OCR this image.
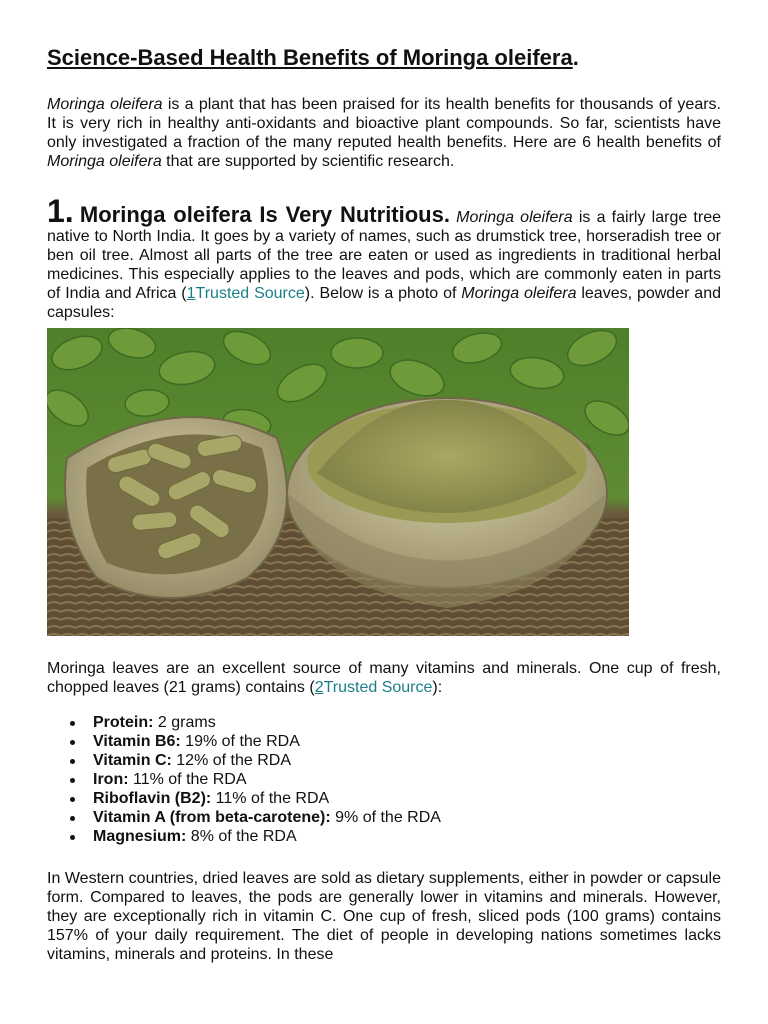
Science-Based Health Benefits of Moringa oleifera.

Moringa oleifera is a plant that has been praised for its health benefits for thousands of years. It is very rich in healthy anti-oxidants and bioactive plant compounds. So far, scientists have only investigated a fraction of the many reputed health benefits. Here are 6 health benefits of Moringa oleifera that are supported by scientific research.

1. Moringa oleifera Is Very Nutritious. Moringa oleifera is a fairly large tree native to North India. It goes by a variety of names, such as drumstick tree, horseradish tree or ben oil tree. Almost all parts of the tree are eaten or used as ingredients in traditional herbal medicines. This especially applies to the leaves and pods, which are commonly eaten in parts of India and Africa (1Trusted Source). Below is a photo of Moringa oleifera leaves, powder and capsules:

Moringa leaves are an excellent source of many vitamins and minerals. One cup of fresh, chopped leaves (21 grams) contains (2Trusted Source):

Protein: 2 grams
Vitamin B6: 19% of the RDA
Vitamin C: 12% of the RDA
Iron: 11% of the RDA
Riboflavin (B2): 11% of the RDA
Vitamin A (from beta-carotene): 9% of the RDA
Magnesium: 8% of the RDA

In Western countries, dried leaves are sold as dietary supplements, either in powder or capsule form. Compared to leaves, the pods are generally lower in vitamins and minerals. However, they are exceptionally rich in vitamin C. One cup of fresh, sliced pods (100 grams) contains 157% of your daily requirement. The diet of people in developing nations sometimes lacks vitamins, minerals and proteins. In these
